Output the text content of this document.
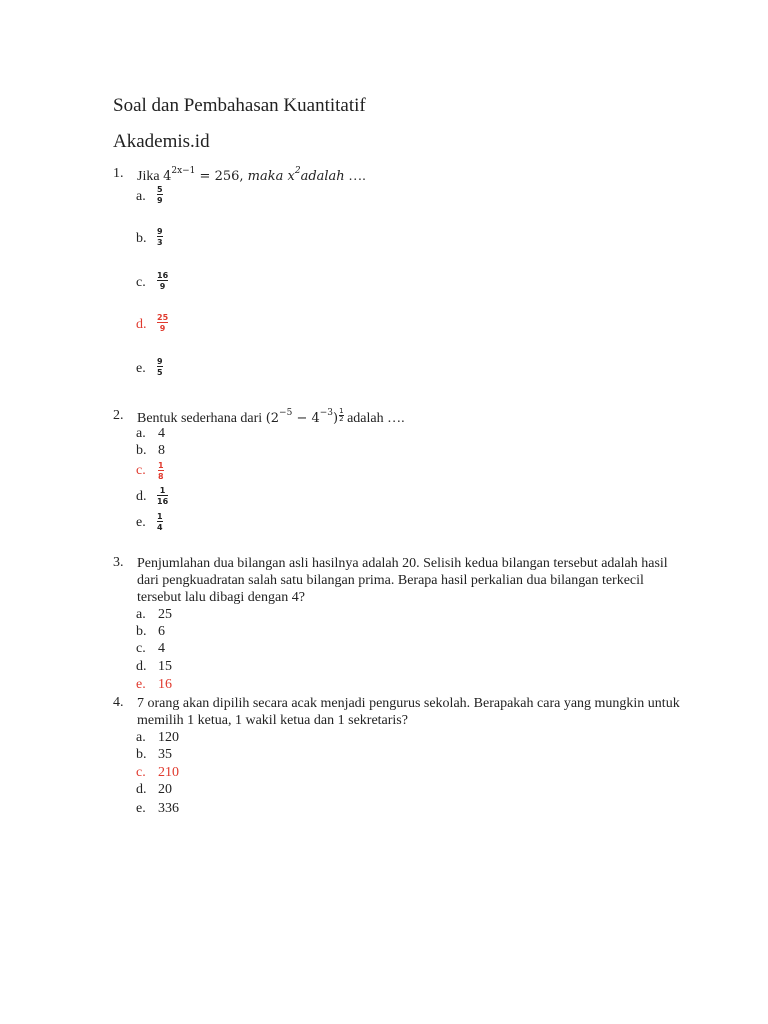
Soal dan Pembahasan Kuantitatif
Akademis.id
1. Jika $4^{2x-1} = 256$, maka $x^2adalah$ ….
a. 5
9
b. 9
3
c. 16
9
d. 25
9
e. 9
5
2. Bentuk sederhana dari $(2^{-5} - 4^{-3}) \frac{1}{2}$ adalah ….
a. 4
b. 8
c. 1
8
d. 1
16
e. 1
4
3. Penjumlahan dua bilangan asli hasilnya adalah 20. Selisih kedua bilangan tersebut adalah hasil
dari pengkuadratan salah satu bilangan prima. Berapa hasil perkalian dua bilangan terkecil
tersebut lalu dibagi dengan 4?
a. 25
b. 6
c. 4
d. 15
e. 16
4. 7 orang akan dipilih secara acak menjadi pengurus sekolah. Berapakah cara yang mungkin untuk
memilih 1 ketua, 1 wakil ketua dan 1 sekretaris?
a. 120
b. 35
c. 210
d. 20
e. 336
